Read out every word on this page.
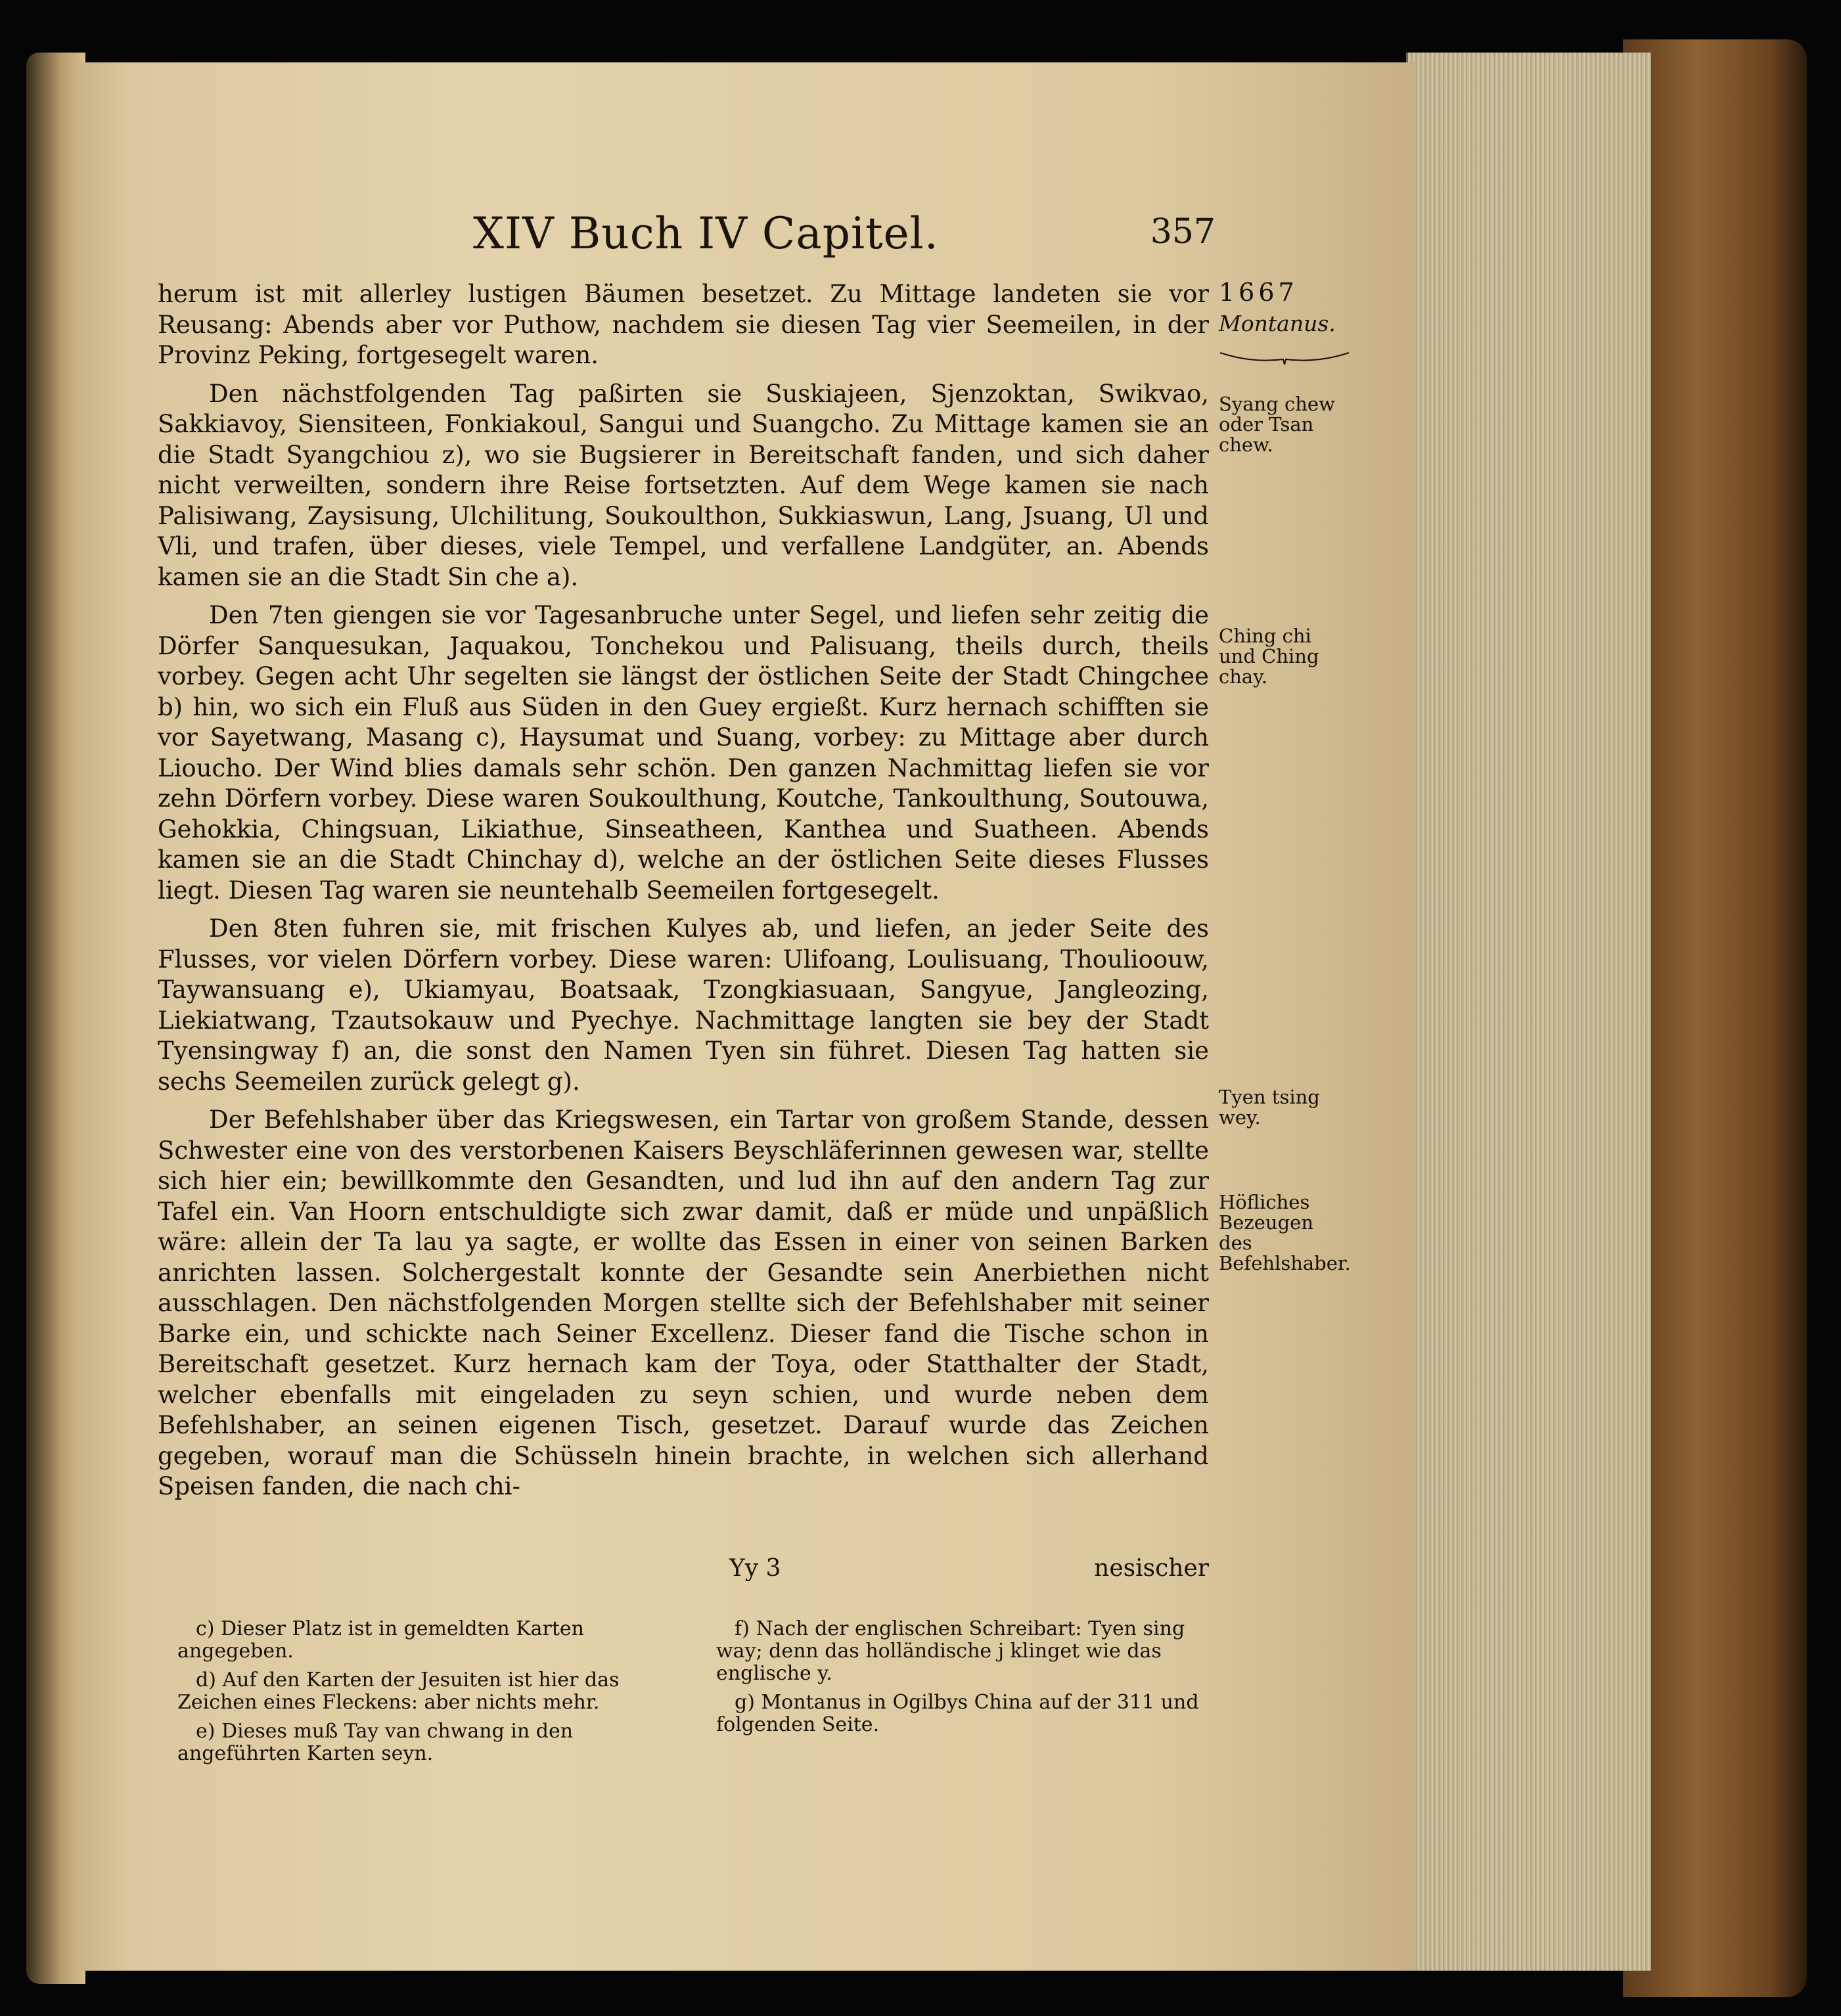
XIV Buch IV Capitel.	357

herum ist mit allerley lustigen Bäumen besetzet. Zu Mittage landeten sie vor Reusang: Abends aber vor Puthow, nachdem sie diesen Tag vier Seemeilen, in der Provinz Peking, fortgesegelt waren.

Den nächstfolgenden Tag paßirten sie Suskiajeen, Sjenzoktan, Swikvao, Sakkiavoy, Siensiteen, Fonkiakoul, Sangui und Suangcho. Zu Mittage kamen sie an die Stadt Syangchiou z), wo sie Bugsierer in Bereitschaft fanden, und sich daher nicht verweilten, sondern ihre Reise fortsetzten. Auf dem Wege kamen sie nach Palisiwang, Zaysisung, Ulchilitung, Soukoulthon, Sukkiaswun, Lang, Jsuang, Ul und Vli, und trafen, über dieses, viele Tempel, und verfallene Landgüter, an. Abends kamen sie an die Stadt Sin che a).

Den 7ten giengen sie vor Tagesanbruche unter Segel, und liefen sehr zeitig die Dörfer Sanquesukan, Jaquakou, Tonchekou und Palisuang, theils durch, theils vorbey. Gegen acht Uhr segelten sie längst der östlichen Seite der Stadt Chingchee b) hin, wo sich ein Fluß aus Süden in den Guey ergießt. Kurz hernach schifften sie vor Sayetwang, Masang c), Haysumat und Suang, vorbey: zu Mittage aber durch Lioucho. Der Wind blies damals sehr schön. Den ganzen Nachmittag liefen sie vor zehn Dörfern vorbey. Diese waren Soukoulthung, Koutche, Tankoulthung, Soutouwa, Gehokkia, Chingsuan, Likiathue, Sinseatheen, Kanthea und Suatheen. Abends kamen sie an die Stadt Chinchay d), welche an der östlichen Seite dieses Flusses liegt. Diesen Tag waren sie neuntehalb Seemeilen fortgesegelt.

Den 8ten fuhren sie, mit frischen Kulyes ab, und liefen, an jeder Seite des Flusses, vor vielen Dörfern vorbey. Diese waren: Ulifoang, Loulisuang, Thoulioouw, Taywansuang e), Ukiamyau, Boatsaak, Tzongkiasuaan, Sangyue, Jangleozing, Liekiatwang, Tzautsokauw und Pyechye. Nachmittage langten sie bey der Stadt Tyensingway f) an, die sonst den Namen Tyen sin führet. Diesen Tag hatten sie sechs Seemeilen zurück gelegt g).

Der Befehlshaber über das Kriegswesen, ein Tartar von großem Stande, dessen Schwester eine von des verstorbenen Kaisers Beyschläferinnen gewesen war, stellte sich hier ein; bewillkommte den Gesandten, und lud ihn auf den andern Tag zur Tafel ein. Van Hoorn entschuldigte sich zwar damit, daß er müde und unpäßlich wäre: allein der Ta lau ya sagte, er wollte das Essen in einer von seinen Barken anrichten lassen. Solchergestalt konnte der Gesandte sein Anerbiethen nicht ausschlagen. Den nächstfolgenden Morgen stellte sich der Befehlshaber mit seiner Barke ein, und schickte nach Seiner Excellenz. Dieser fand die Tische schon in Bereitschaft gesetzet. Kurz hernach kam der Toya, oder Statthalter der Stadt, welcher ebenfalls mit eingeladen zu seyn schien, und wurde neben dem Befehlshaber, an seinen eigenen Tisch, gesetzet. Darauf wurde das Zeichen gegeben, worauf man die Schüsseln hinein brachte, in welchen sich allerhand Speisen fanden, die nach chi-

Yy 3	nesischer
1667
Montanus.
Syang chew oder Tsan chew.
Ching chi und Ching chay.
Tyen tsing wey.
Höfliches Bezeugen des Befehlshaber.

c) Dieser Platz ist in gemeldten Karten angegeben.

d) Auf den Karten der Jesuiten ist hier das Zeichen eines Fleckens: aber nichts mehr.

e) Dieses muß Tay van chwang in den angeführten Karten seyn.

f) Nach der englischen Schreibart: Tyen sing way; denn das holländische j klinget wie das englische y.

g) Montanus in Ogilbys China auf der 311 und folgenden Seite.
